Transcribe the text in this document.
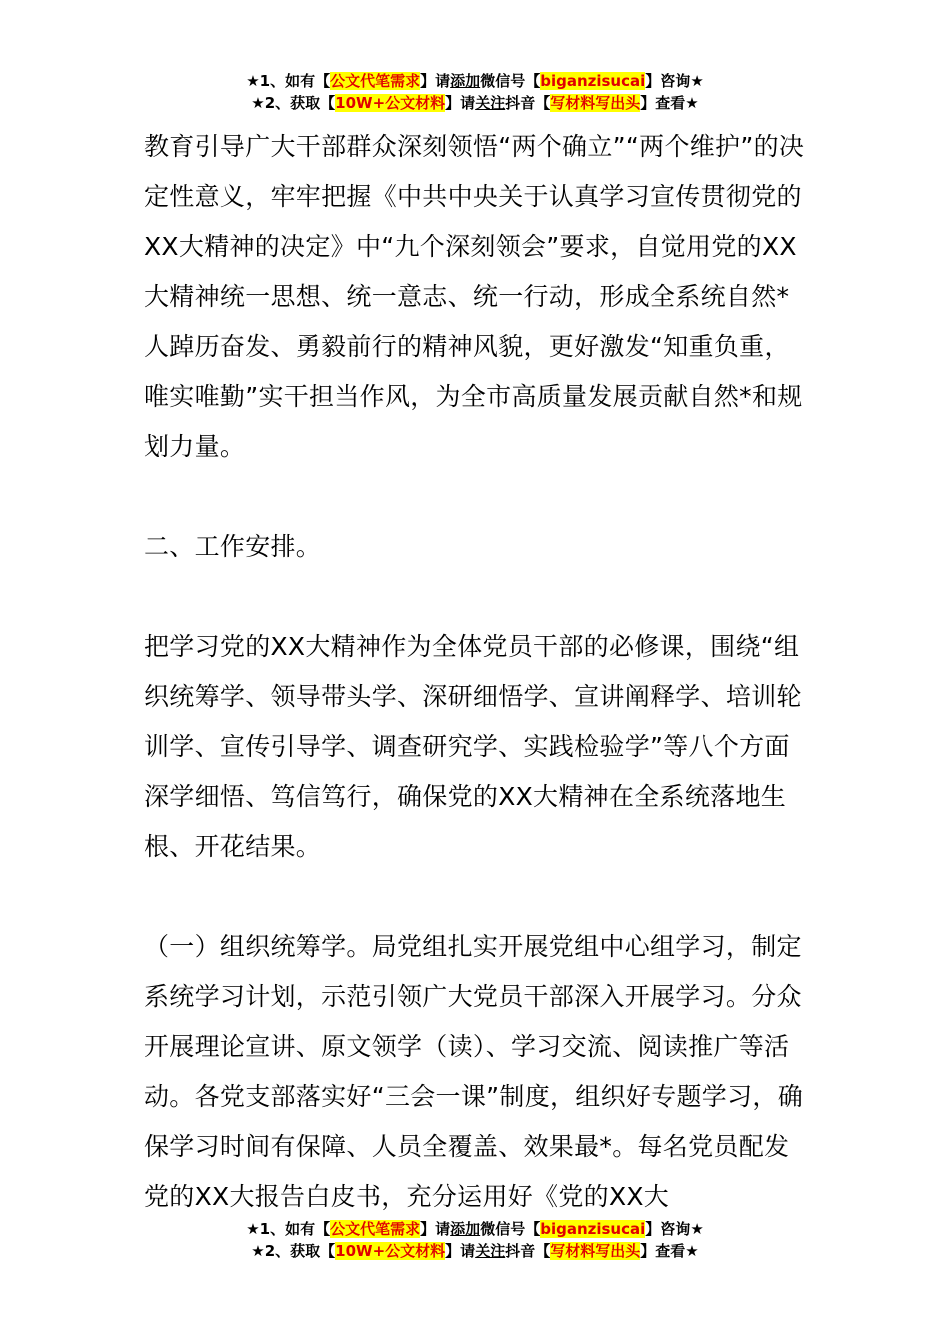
★1、如有【公文代笔需求】请添加微信号【biganzisucai】咨询★
★2、获取【10W+公文材料】请关注抖音【写材料写出头】查看★

教育引导广大干部群众深刻领悟“两个确立”“两个维护”的决定性意义，牢牢把握《中共中央关于认真学习宣传贯彻党的XX大精神的决定》中“九个深刻领会”要求，自觉用党的XX大精神统一思想、统一意志、统一行动，形成全系统自然*人踔历奋发、勇毅前行的精神风貌，更好激发“知重负重，唯实唯勤”实干担当作风，为全市高质量发展贡献自然*和规划力量。

二、工作安排。

把学习党的XX大精神作为全体党员干部的必修课，围绕“组织统筹学、领导带头学、深研细悟学、宣讲阐释学、培训轮训学、宣传引导学、调查研究学、实践检验学”等八个方面深学细悟、笃信笃行，确保党的XX大精神在全系统落地生根、开花结果。

（一）组织统筹学。局党组扎实开展党组中心组学习，制定系统学习计划，示范引领广大党员干部深入开展学习。分众开展理论宣讲、原文领学（读）、学习交流、阅读推广等活动。各党支部落实好“三会一课”制度，组织好专题学习，确保学习时间有保障、人员全覆盖、效果最*。每名党员配发党的XX大报告白皮书，充分运用好《党的XX大

★1、如有【公文代笔需求】请添加微信号【biganzisucai】咨询★
★2、获取【10W+公文材料】请关注抖音【写材料写出头】查看★
